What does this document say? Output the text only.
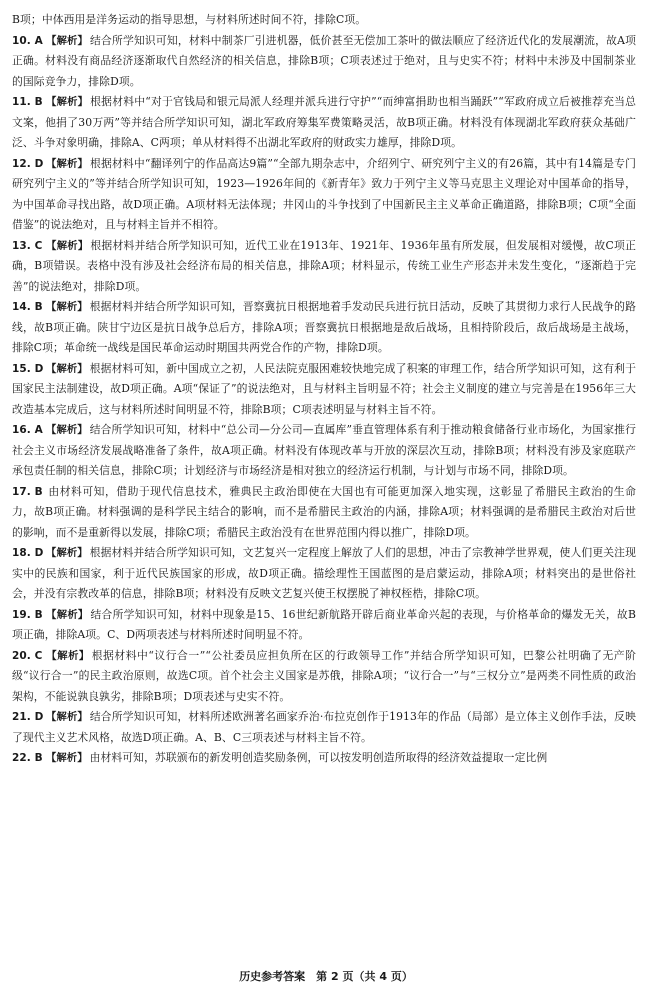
B项；中体西用是洋务运动的指导思想，与材料所述时间不符，排除C项。

10. A 【解析】 结合所学知识可知，材料中制茶厂引进机器，低价甚至无偿加工茶叶的做法顺应了经济近代化的发展潮流，故A项正确。材料没有商品经济逐渐取代自然经济的相关信息，排除B项；C项表述过于绝对，且与史实不符；材料中未涉及中国制茶业的国际竞争力，排除D项。

11. B 【解析】 根据材料中“对于官钱局和银元局派人经理并派兵进行守护”“而绅富捐助也相当踊跃”“军政府成立后被推荐充当总文案，他捐了30万两”等并结合所学知识可知，湖北军政府筹集军费策略灵活，故B项正确。材料没有体现湖北军政府获众基础广泛、斗争对象明确，排除A、C两项；单从材料得不出湖北军政府的财政实力雄厚，排除D项。

12. D 【解析】 根据材料中“翻译列宁的作品高达9篇”“全部九期杂志中，介绍列宁、研究列宁主义的有26篇，其中有14篇是专门研究列宁主义的”等并结合所学知识可知，1923—1926年间的《新青年》致力于列宁主义等马克思主义理论对中国革命的指导，为中国革命寻找出路，故D项正确。A项材料无法体现；井冈山的斗争找到了中国新民主主义革命正确道路，排除B项；C项“全面借鉴”的说法绝对，且与材料主旨并不相符。

13. C 【解析】 根据材料并结合所学知识可知，近代工业在1913年、1921年、1936年虽有所发展，但发展相对缓慢，故C项正确，B项错误。表格中没有涉及社会经济布局的相关信息，排除A项；材料显示，传统工业生产形态并未发生变化，“逐渐趋于完善”的说法绝对，排除D项。

14. B 【解析】 根据材料并结合所学知识可知，晋察冀抗日根据地着手发动民兵进行抗日活动，反映了其贯彻力求行人民战争的路线，故B项正确。陕甘宁边区是抗日战争总后方，排除A项；晋察冀抗日根据地是敌后战场，且相持阶段后，敌后战场是主战场，排除C项；革命统一战线是国民革命运动时期国共两党合作的产物，排除D项。

15. D 【解析】 根据材料可知，新中国成立之初，人民法院克服困难较快地完成了积案的审理工作，结合所学知识可知，这有利于国家民主法制建设，故D项正确。A项“保证了”的说法绝对，且与材料主旨明显不符；社会主义制度的建立与完善是在1956年三大改造基本完成后，这与材料所述时间明显不符，排除B项；C项表述明显与材料主旨不符。

16. A 【解析】 结合所学知识可知，材料中“总公司—分公司—直属库”垂直管理体系有利于推动粮食储备行业市场化，为国家推行社会主义市场经济发展战略准备了条件，故A项正确。材料没有体现改革与开放的深层次互动，排除B项；材料没有涉及家庭联产承包责任制的相关信息，排除C项；计划经济与市场经济是相对独立的经济运行机制，与计划与市场不同，排除D项。

17. B 由材料可知，借助于现代信息技术，雅典民主政治即使在大国也有可能更加深入地实现，这彰显了希腊民主政治的生命力，故B项正确。材料强调的是科学民主结合的影响，而不是希腊民主政治的内涵，排除A项；材料强调的是希腊民主政治对后世的影响，而不是重新得以发展，排除C项；希腊民主政治没有在世界范围内得以推广，排除D项。

18. D 【解析】 根据材料并结合所学知识可知，文艺复兴一定程度上解放了人们的思想，冲击了宗教神学世界观，使人们更关注现实中的民族和国家，利于近代民族国家的形成，故D项正确。描绘理性王国蓝图的是启蒙运动，排除A项；材料突出的是世俗社会，并没有宗教改革的信息，排除B项；材料没有反映文艺复兴使王权摆脱了神权桎梏，排除C项。

19. B 【解析】 结合所学知识可知，材料中现象是15、16世纪新航路开辟后商业革命兴起的表现，与价格革命的爆发无关，故B项正确，排除A项。C、D两项表述与材料所述时间明显不符。

20. C 【解析】 根据材料中“议行合一”“公社委员应担负所在区的行政领导工作”并结合所学知识可知，巴黎公社明确了无产阶级“议行合一”的民主政治原则，故选C项。首个社会主义国家是苏俄，排除A项；“议行合一”与“三权分立”是两类不同性质的政治架构，不能说孰良孰劣，排除B项；D项表述与史实不符。

21. D 【解析】 结合所学知识可知，材料所述欧洲著名画家乔治·布拉克创作于1913年的作品（局部）是立体主义创作手法，反映了现代主义艺术风格，故选D项正确。A、B、C三项表述与材料主旨不符。

22. B 【解析】 由材料可知，苏联颁布的新发明创造奖励条例，可以按发明创造所取得的经济效益提取一定比例

历史参考答案　第 2 页（共 4 页）
